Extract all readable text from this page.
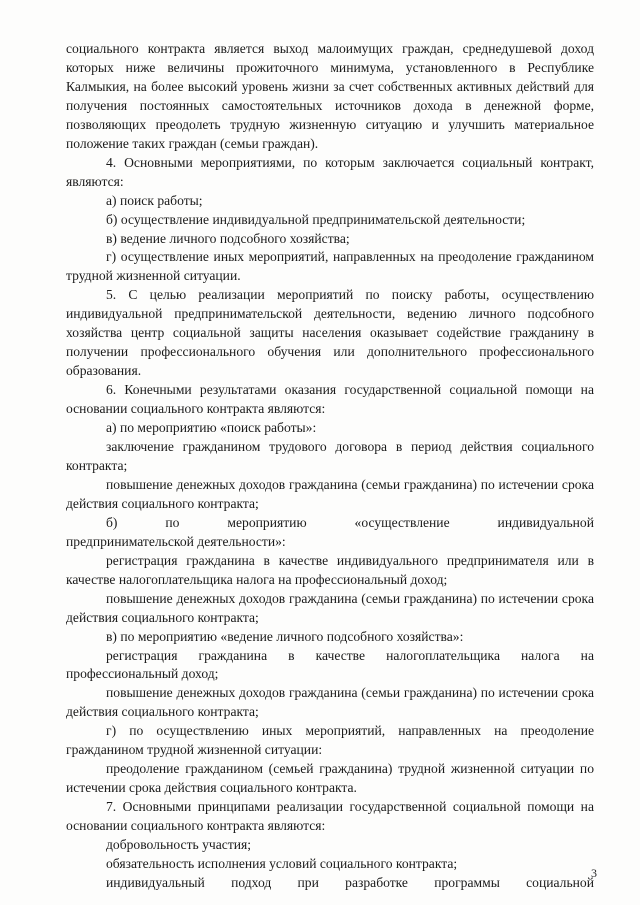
социального контракта является выход малоимущих граждан, среднедушевой доход которых ниже величины прожиточного минимума, установленного в Республике Калмыкия, на более высокий уровень жизни за счет собственных активных действий для получения постоянных самостоятельных источников дохода в денежной форме, позволяющих преодолеть трудную жизненную ситуацию и улучшить материальное положение таких граждан (семьи граждан).

4. Основными мероприятиями, по которым заключается социальный контракт, являются:

а) поиск работы;

б) осуществление индивидуальной предпринимательской деятельности;

в) ведение личного подсобного хозяйства;

г) осуществление иных мероприятий, направленных на преодоление гражданином трудной жизненной ситуации.

5. С целью реализации мероприятий по поиску работы, осуществлению индивидуальной предпринимательской деятельности, ведению личного подсобного хозяйства центр социальной защиты населения оказывает содействие гражданину в получении профессионального обучения или дополнительного профессионального образования.

6. Конечными результатами оказания государственной социальной помощи на основании социального контракта являются:

а) по мероприятию «поиск работы»:

заключение гражданином трудового договора в период действия социального контракта;

повышение денежных доходов гражданина (семьи гражданина) по истечении срока действия социального контракта;

б) по мероприятию «осуществление индивидуальной
предпринимательской деятельности»:

регистрация гражданина в качестве индивидуального предпринимателя или в качестве налогоплательщика налога на профессиональный доход;

повышение денежных доходов гражданина (семьи гражданина) по истечении срока действия социального контракта;

в) по мероприятию «ведение личного подсобного хозяйства»:

регистрация гражданина в качестве налогоплательщика налога на профессиональный доход;

повышение денежных доходов гражданина (семьи гражданина) по истечении срока действия социального контракта;

г) по осуществлению иных мероприятий, направленных на преодоление гражданином трудной жизненной ситуации:

преодоление гражданином (семьей гражданина) трудной жизненной ситуации по истечении срока действия социального контракта.

7. Основными принципами реализации государственной социальной помощи на основании социального контракта являются:

добровольность участия;

обязательность исполнения условий социального контракта;

индивидуальный подход при разработке программы социальной

3
